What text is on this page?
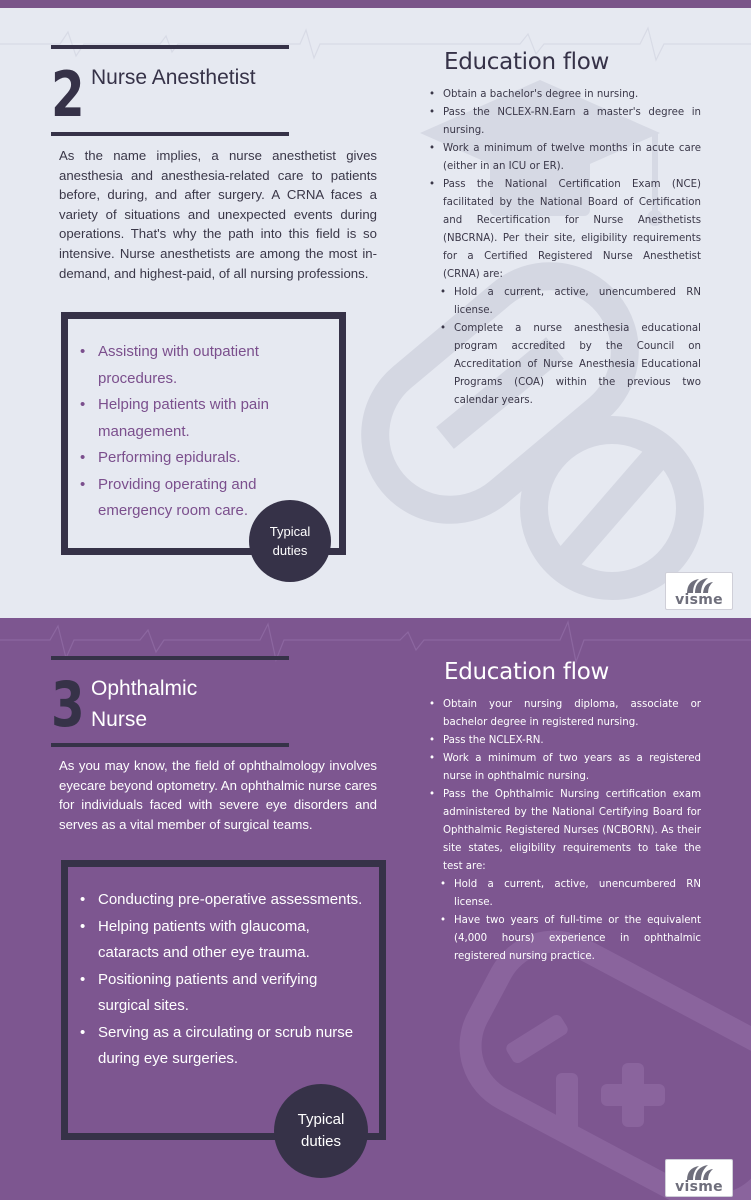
2 Nurse Anesthetist
As the name implies, a nurse anesthetist gives anesthesia and anesthesia-related care to patients before, during, and after surgery. A CRNA faces a variety of situations and unexpected events during operations. That's why the path into this field is so intensive. Nurse anesthetists are among the most in-demand, and highest-paid, of all nursing professions.
• Assisting with outpatient procedures.
• Helping patients with pain management.
• Performing epidurals.
• Providing operating and emergency room care.
Typical
duties
Education flow
• Obtain a bachelor's degree in nursing.
• Pass the NCLEX-RN.Earn a master's degree in nursing.
• Work a minimum of twelve months in acute care (either in an ICU or ER).
• Pass the National Certification Exam (NCE) facilitated by the National Board of Certification and Recertification for Nurse Anesthetists (NBCRNA). Per their site, eligibility requirements for a Certified Registered Nurse Anesthetist (CRNA) are:
• Hold a current, active, unencumbered RN license.
• Complete a nurse anesthesia educational program accredited by the Council on Accreditation of Nurse Anesthesia Educational Programs (COA) within the previous two calendar years.
visme
3 Ophthalmic
Nurse
As you may know, the field of ophthalmology involves eyecare beyond optometry. An ophthalmic nurse cares for individuals faced with severe eye disorders and serves as a vital member of surgical teams.
• Conducting pre-operative assessments.
• Helping patients with glaucoma, cataracts and other eye trauma.
• Positioning patients and verifying surgical sites.
• Serving as a circulating or scrub nurse during eye surgeries.
Typical
duties
Education flow
• Obtain your nursing diploma, associate or bachelor degree in registered nursing.
• Pass the NCLEX-RN.
• Work a minimum of two years as a registered nurse in ophthalmic nursing.
• Pass the Ophthalmic Nursing certification exam administered by the National Certifying Board for Ophthalmic Registered Nurses (NCBORN). As their site states, eligibility requirements to take the test are:
• Hold a current, active, unencumbered RN license.
• Have two years of full-time or the equivalent (4,000 hours) experience in ophthalmic registered nursing practice.
visme
